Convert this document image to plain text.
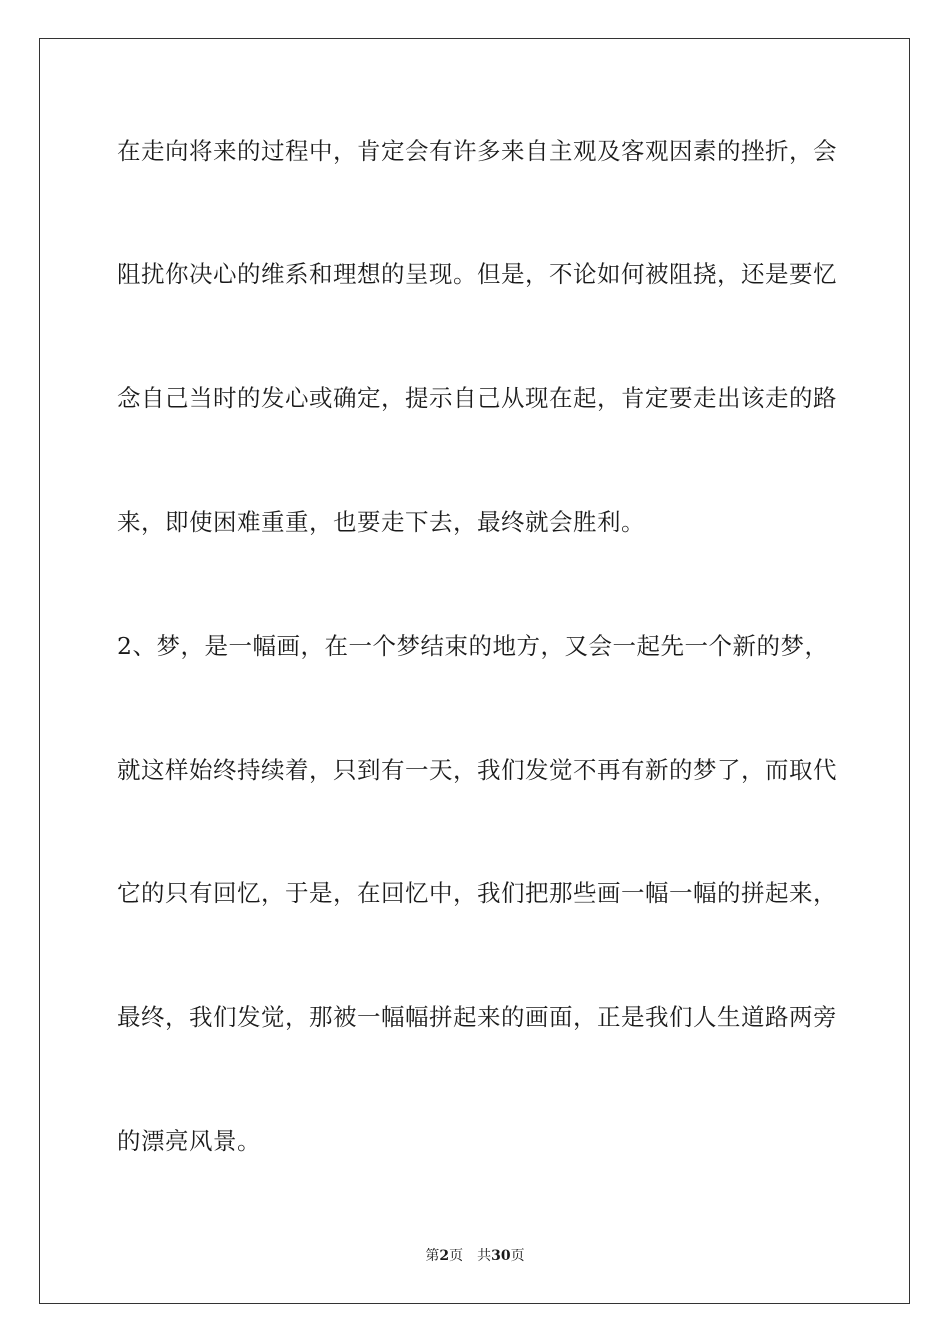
在走向将来的过程中，肯定会有许多来自主观及客观因素的挫折，会
阻扰你决心的维系和理想的呈现。但是，不论如何被阻挠，还是要忆
念自己当时的发心或确定，提示自己从现在起，肯定要走出该走的路
来，即使困难重重，也要走下去，最终就会胜利。
2、梦，是一幅画，在一个梦结束的地方，又会一起先一个新的梦，
就这样始终持续着，只到有一天，我们发觉不再有新的梦了，而取代
它的只有回忆，于是，在回忆中，我们把那些画一幅一幅的拼起来，
最终，我们发觉，那被一幅幅拼起来的画面，正是我们人生道路两旁
的漂亮风景。
第2页 共30页
